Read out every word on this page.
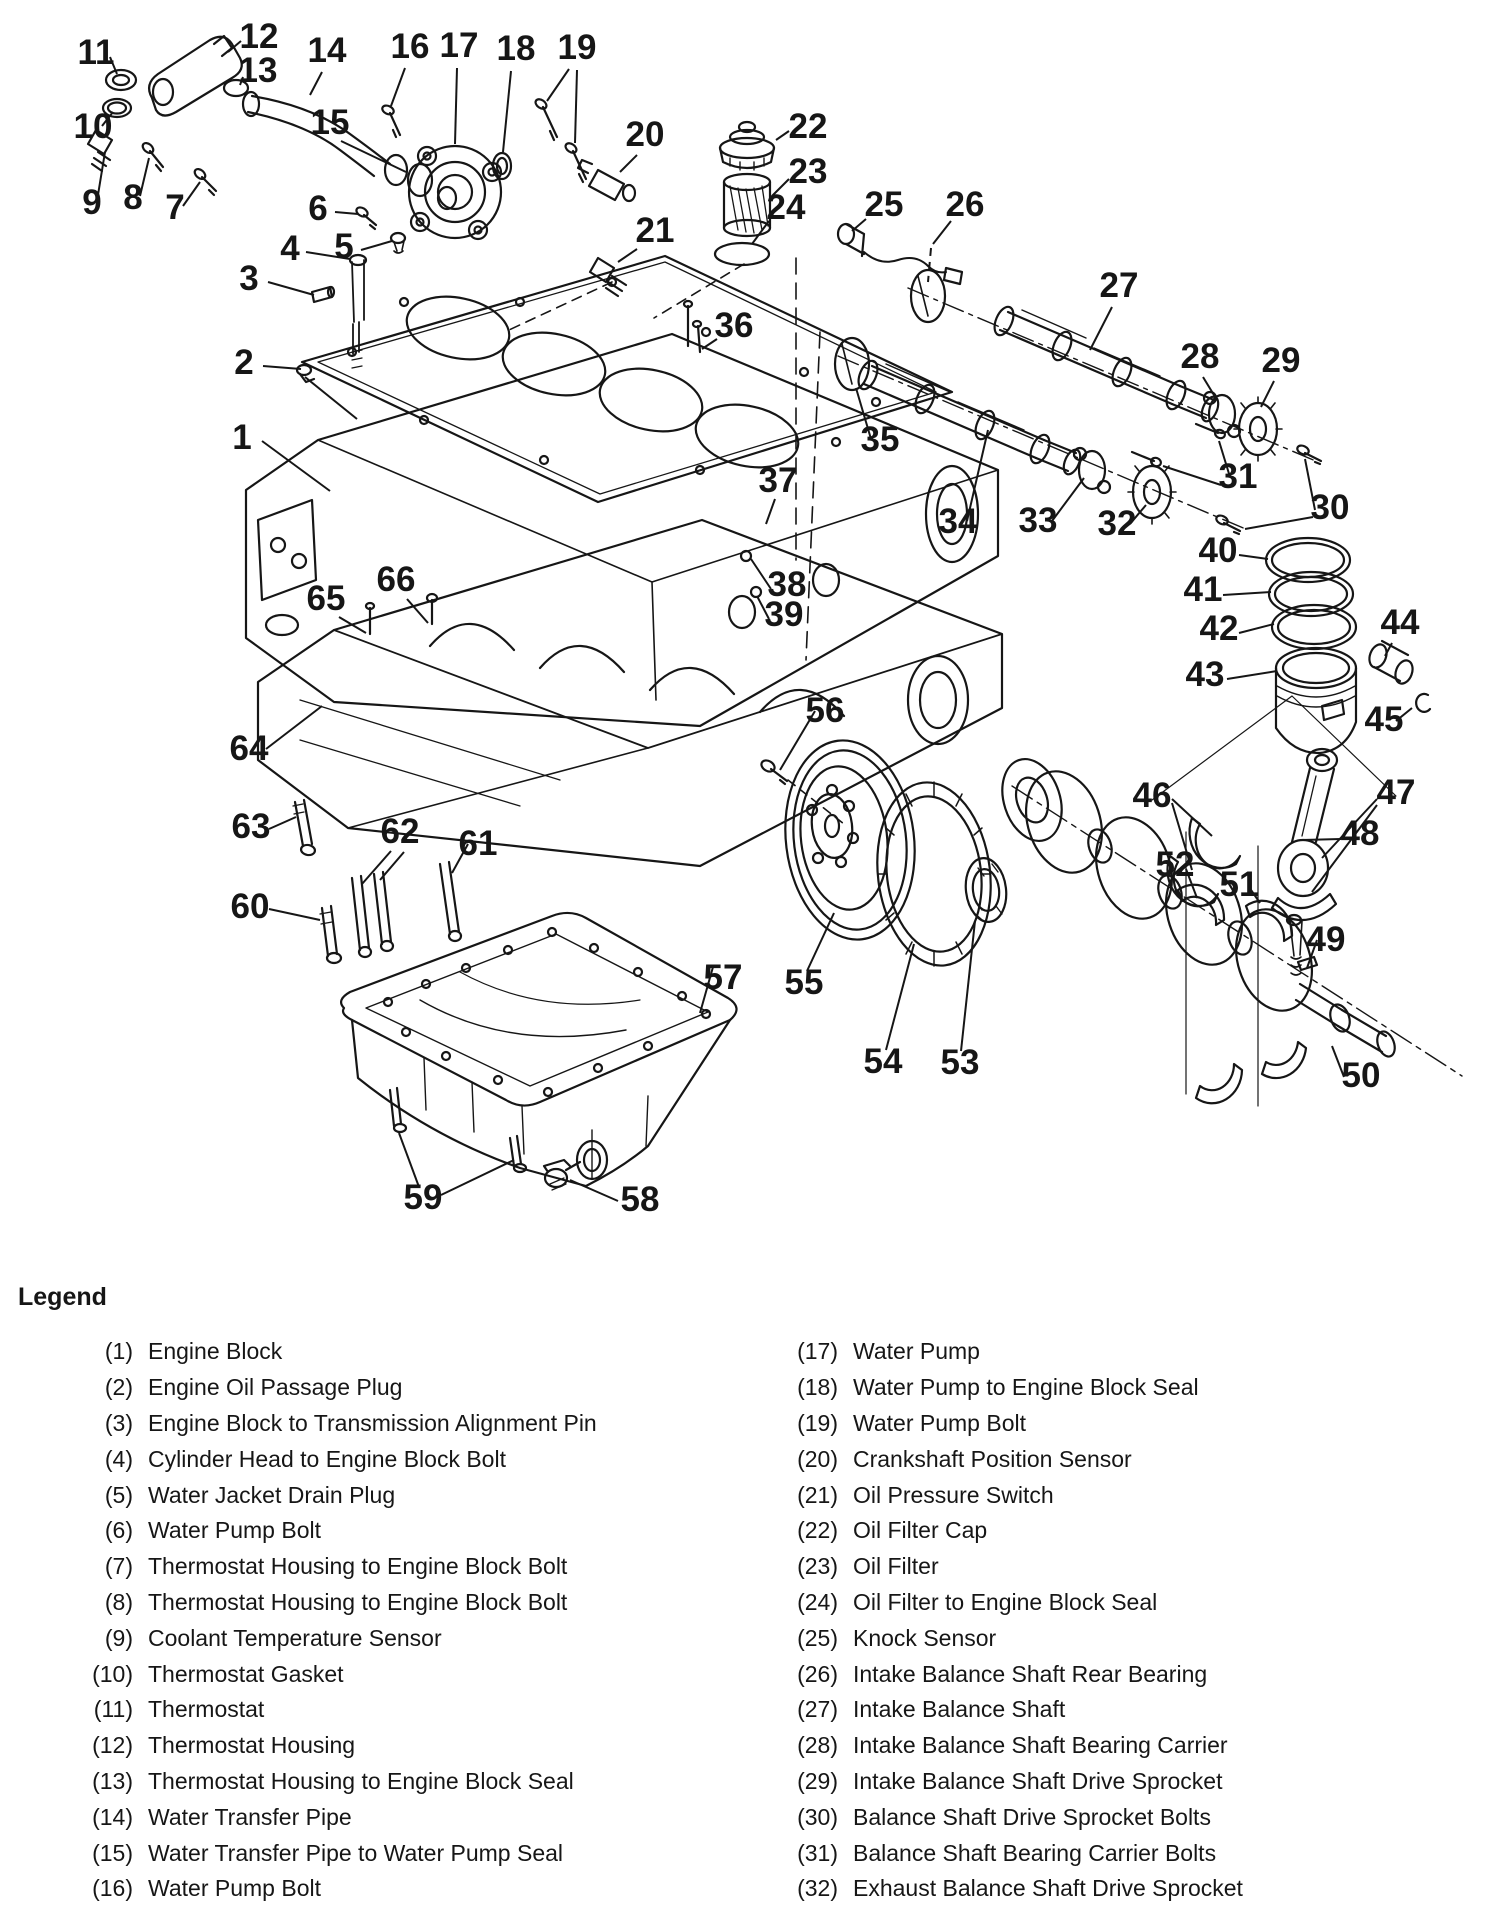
1
2
3
4 5
6
7
8
9
10
11	12
13
14
15
16 17 18 19
20
21
22
23
24 25 26
27
28 29
30
31
32
33
34
35
36
37
38
39
40
41
42
43
44
45
46	47
48
49
50
51
52
53
54
55
56
57
58
59
60
61
62
63
64
65 66
Legend
(1) Engine Block
(2) Engine Oil Passage Plug
(3) Engine Block to Transmission Alignment Pin
(4) Cylinder Head to Engine Block Bolt
(5) Water Jacket Drain Plug
(6) Water Pump Bolt
(7) Thermostat Housing to Engine Block Bolt
(8) Thermostat Housing to Engine Block Bolt
(9) Coolant Temperature Sensor
(10) Thermostat Gasket
(11) Thermostat
(12) Thermostat Housing
(13) Thermostat Housing to Engine Block Seal
(14) Water Transfer Pipe
(15) Water Transfer Pipe to Water Pump Seal
(16) Water Pump Bolt
(17) Water Pump
(18) Water Pump to Engine Block Seal
(19) Water Pump Bolt
(20) Crankshaft Position Sensor
(21) Oil Pressure Switch
(22) Oil Filter Cap
(23) Oil Filter
(24) Oil Filter to Engine Block Seal
(25) Knock Sensor
(26) Intake Balance Shaft Rear Bearing
(27) Intake Balance Shaft
(28) Intake Balance Shaft Bearing Carrier
(29) Intake Balance Shaft Drive Sprocket
(30) Balance Shaft Drive Sprocket Bolts
(31) Balance Shaft Bearing Carrier Bolts
(32) Exhaust Balance Shaft Drive Sprocket
